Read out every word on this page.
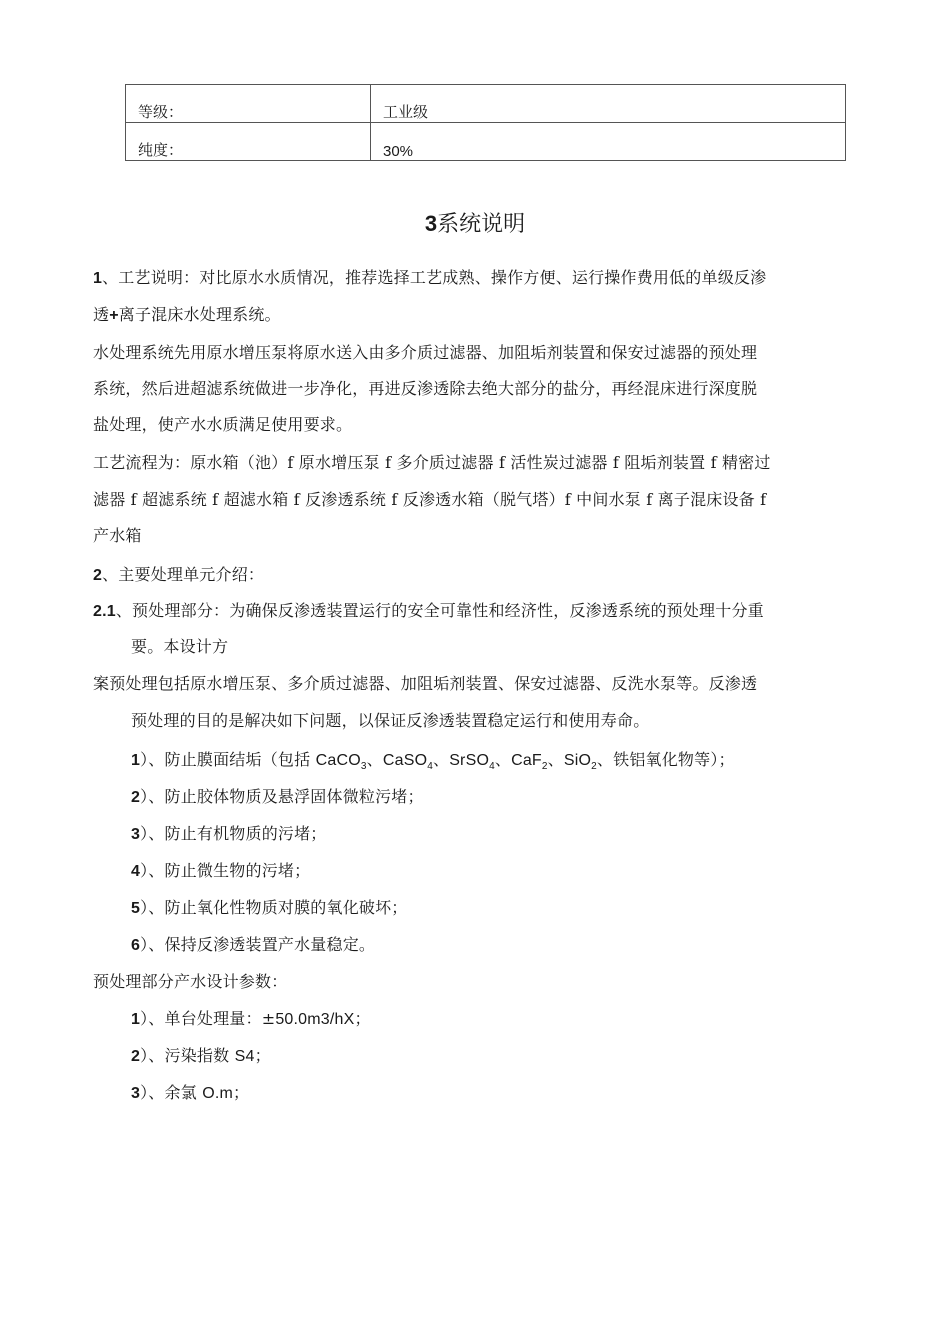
等级：	工业级
纯度：	30%
3系统说明
1、工艺说明：对比原水水质情况，推荐选择工艺成熟、操作方便、运行操作费用低的单级反渗
透+离子混床水处理系统。
水处理系统先用原水增压泵将原水送入由多介质过滤器、加阻垢剂装置和保安过滤器的预处理
系统，然后进超滤系统做进一步净化，再进反渗透除去绝大部分的盐分，再经混床进行深度脱
盐处理，使产水水质满足使用要求。
工艺流程为：原水箱（池）f 原水增压泵 f 多介质过滤器 f 活性炭过滤器 f 阻垢剂装置 f 精密过
滤器 f 超滤系统 f 超滤水箱 f 反渗透系统 f 反渗透水箱（脱气塔）f 中间水泵 f 离子混床设备 f
产水箱
2、主要处理单元介绍：
2.1、预处理部分：为确保反渗透装置运行的安全可靠性和经济性，反渗透系统的预处理十分重
要。本设计方
案预处理包括原水增压泵、多介质过滤器、加阻垢剂装置、保安过滤器、反洗水泵等。反渗透
预处理的目的是解决如下问题，以保证反渗透装置稳定运行和使用寿命。
1）、防止膜面结垢（包括 CaCO$_3$、CaSO$_4$、SrSO$_4$、CaF$_2$、SiO$_2$、铁铝氧化物等）；
2）、防止胶体物质及悬浮固体微粒污堵；
3）、防止有机物质的污堵；
4）、防止微生物的污堵；
5）、防止氧化性物质对膜的氧化破坏；
6）、保持反渗透装置产水量稳定。
预处理部分产水设计参数：
1）、单台处理量：±50.0m3/hX；
2）、污染指数 S4；
3）、余氯 O.m；
